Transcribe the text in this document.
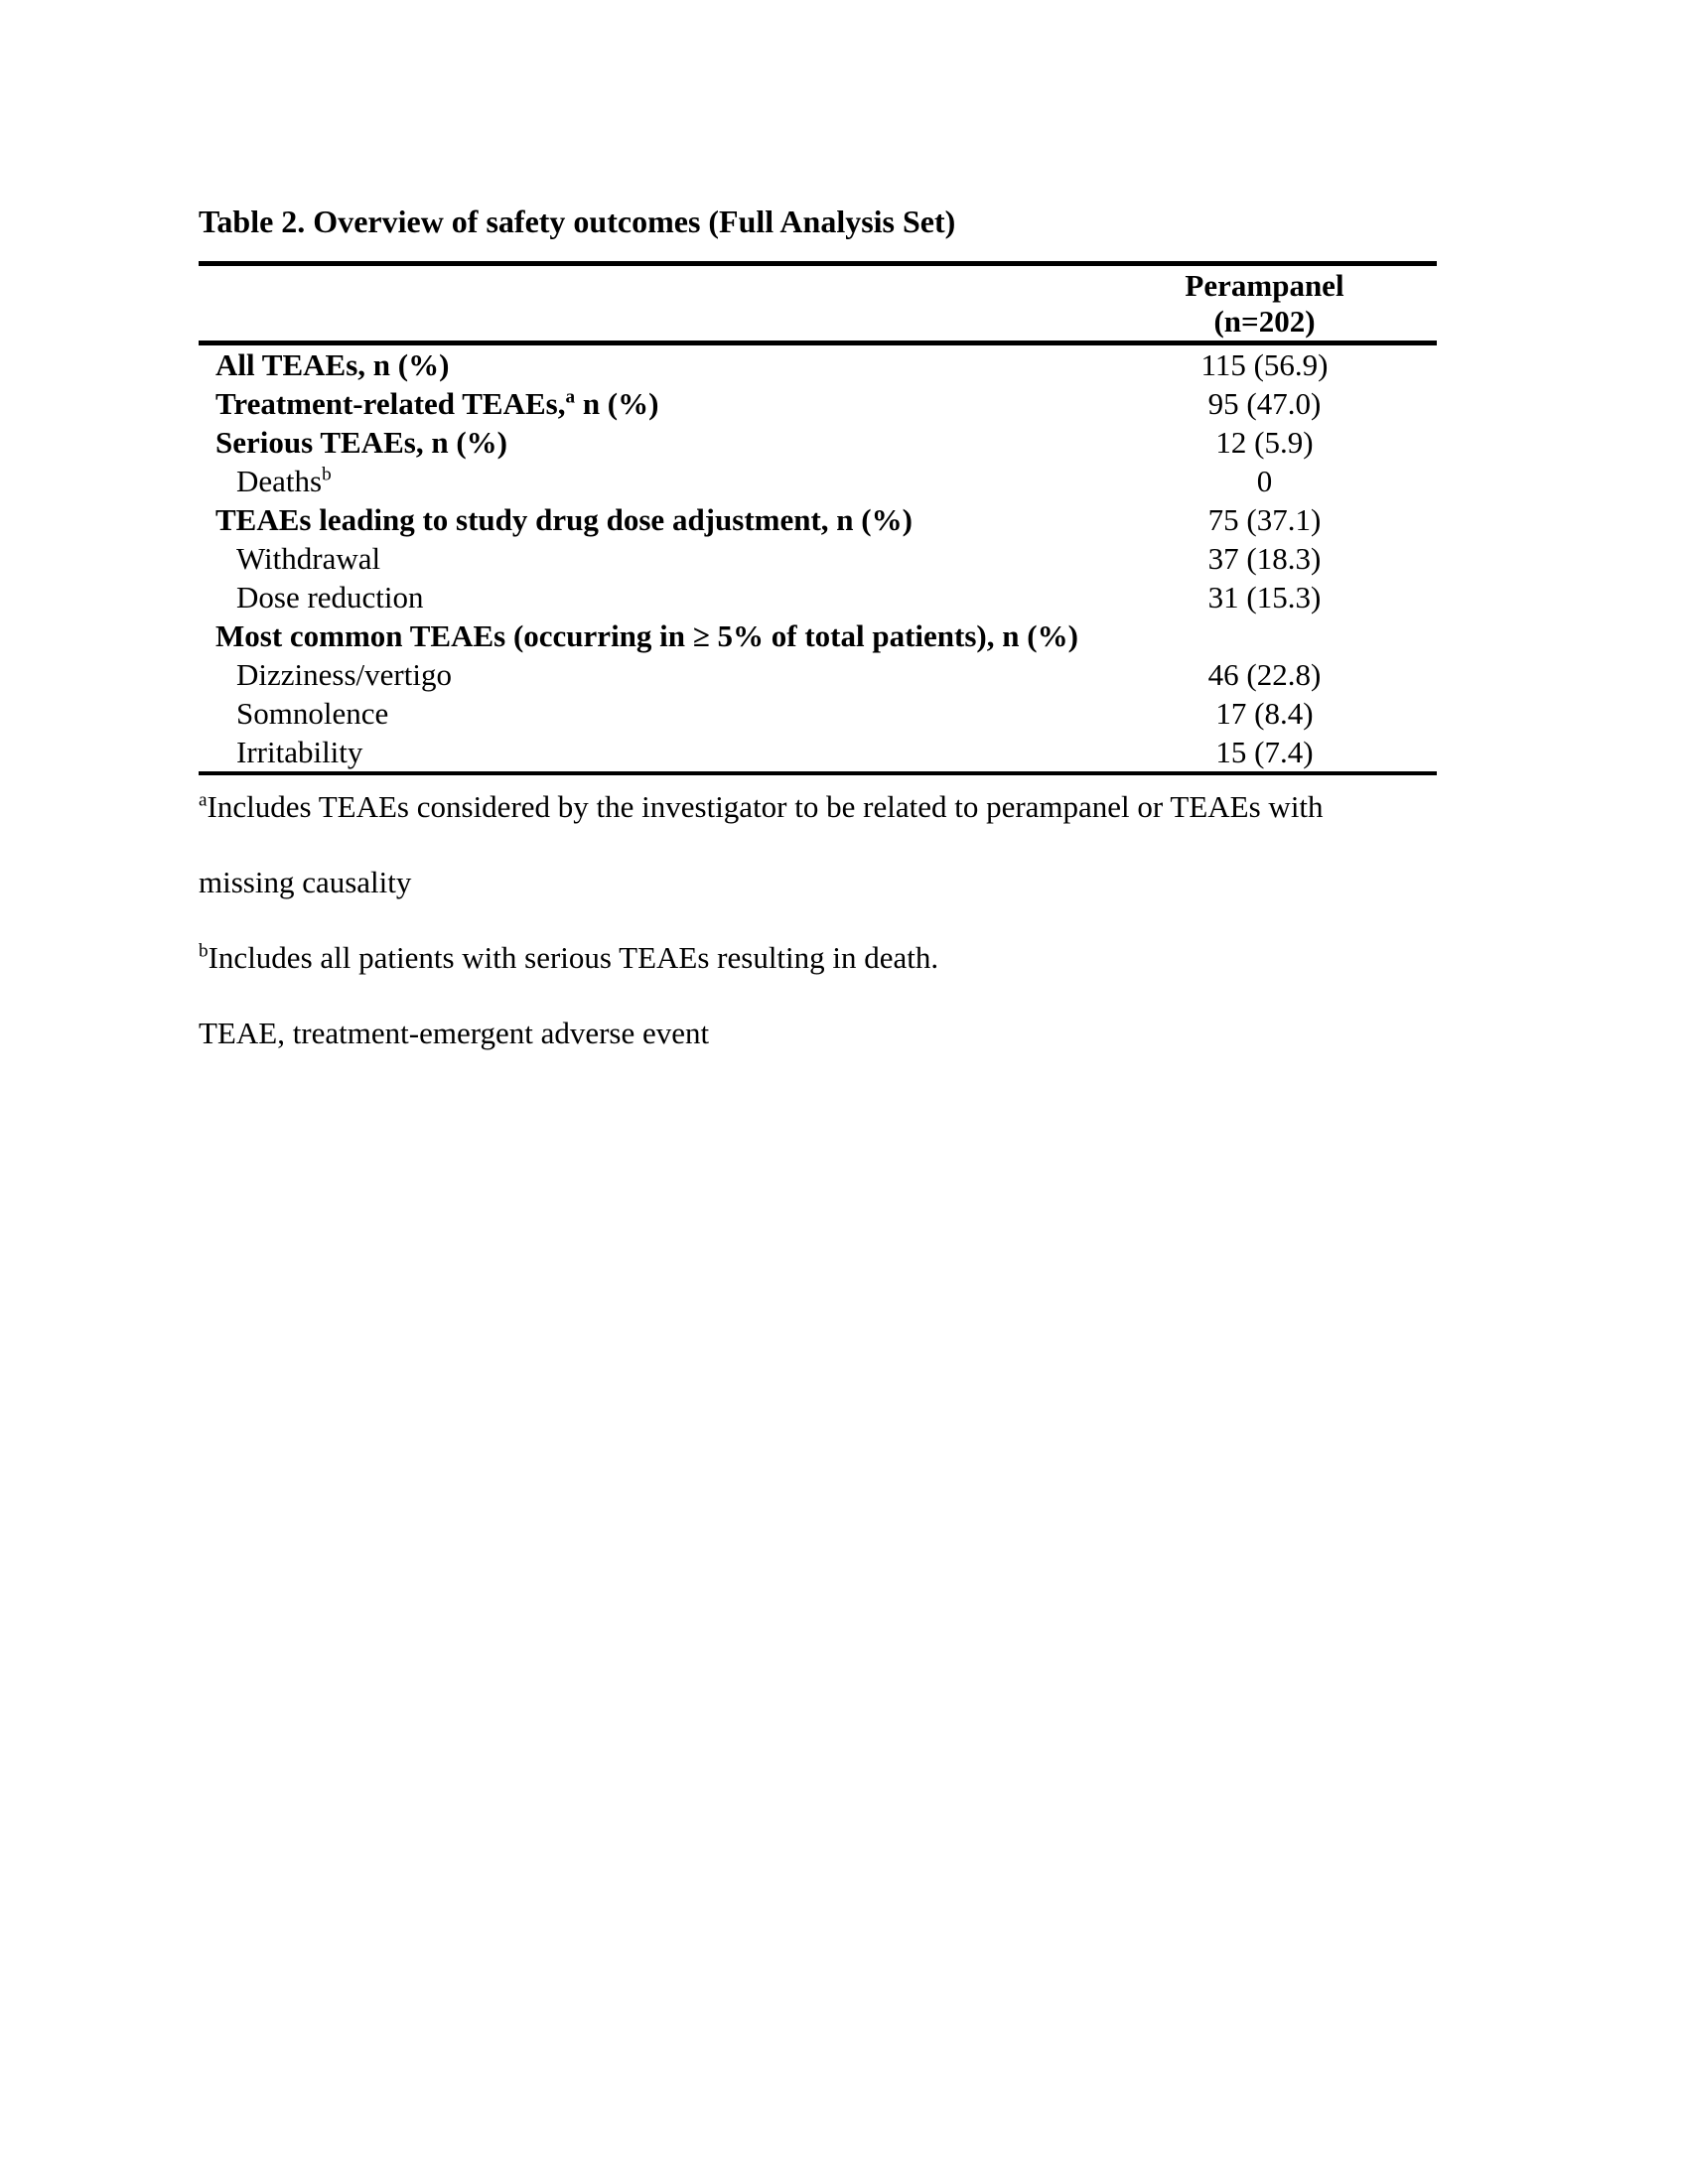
Table 2. Overview of safety outcomes (Full Analysis Set)
Perampanel
(n=202)
All TEAEs, n (%)	115 (56.9)
Treatment-related TEAEs,$^a$ n (%)	95 (47.0)
Serious TEAEs, n (%)	12 (5.9)
Deaths$^b$	0
TEAEs leading to study drug dose adjustment, n (%)	75 (37.1)
Withdrawal	37 (18.3)
Dose reduction	31 (15.3)
Most common TEAEs (occurring in ≥ 5% of total patients), n (%)
Dizziness/vertigo	46 (22.8)
Somnolence	17 (8.4)
Irritability	15 (7.4)
$^a$Includes TEAEs considered by the investigator to be related to perampanel or TEAEs with
missing causality
$^b$Includes all patients with serious TEAEs resulting in death.
TEAE, treatment-emergent adverse event
